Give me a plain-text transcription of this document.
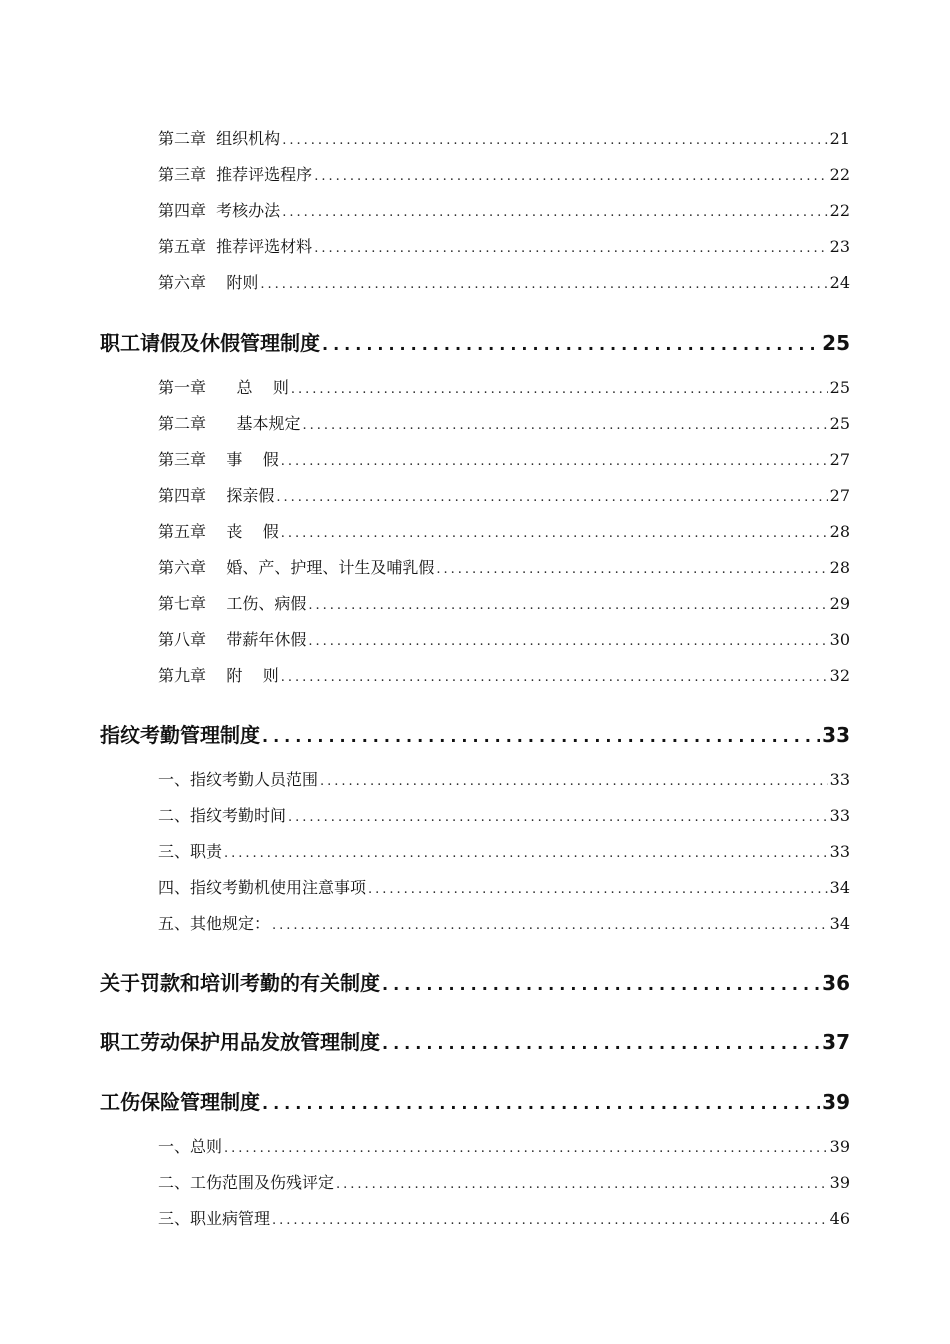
第二章  组织机构 .....	21
第三章  推荐评选程序 .....	22
第四章  考核办法 .....	22
第五章  推荐评选材料 .....	23
第六章    附则 .....	24
职工请假及休假管理制度 .....	25
第一章      总    则 .....	25
第二章      基本规定 .....	25
第三章    事    假 .....	27
第四章    探亲假 .....	27
第五章    丧    假 .....	28
第六章    婚、产、护理、计生及哺乳假 .....	28
第七章    工伤、病假 .....	29
第八章    带薪年休假 .....	30
第九章    附    则 .....	32
指纹考勤管理制度 .....	33
一、指纹考勤人员范围 .....	33
二、指纹考勤时间 .....	33
三、职责 .....	33
四、指纹考勤机使用注意事项 .....	34
五、其他规定： .....	34
关于罚款和培训考勤的有关制度 .....	36
职工劳动保护用品发放管理制度 .....	37
工伤保险管理制度 .....	39
一、总则 .....	39
二、工伤范围及伤残评定 .....	39
三、职业病管理 .....	46
